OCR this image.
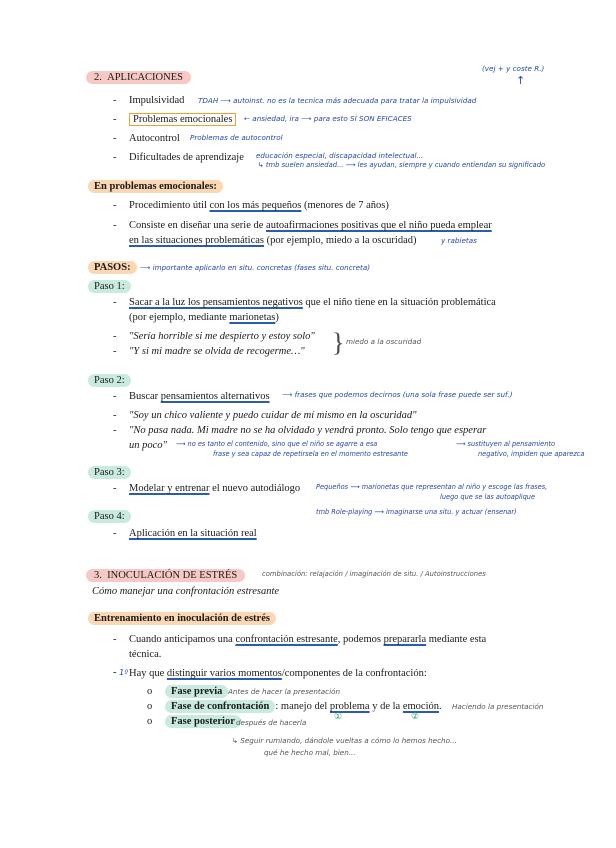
2. APLICACIONES
(vej + y coste R.)
↑
- Impulsividad TDAH ⟶ autoinst. no es la tecnica más adecuada para tratar la impulsividad
- Problemas emocionales	← ansiedad, ira ⟶ para esto SÍ SON EFICACES
- Autocontrol Problemas de autocontrol
- Dificultades de aprendizaje educación especial, discapacidad intelectual...
↳ tmb suelen ansiedad... ⟶ les ayudan, siempre y cuando entiendan su significado
En problemas emocionales:
- Procedimiento útil con los más pequeños (menores de 7 años)
- Consiste en diseñar una serie de autoafirmaciones positivas que el niño pueda emplear
en las situaciones problemáticas (por ejemplo, miedo a la oscuridad)	y rabietas
PASOS:	⟶ importante aplicarlo en situ. concretas (fases situ. concreta)
Paso 1:
- Sacar a la luz los pensamientos negativos que el niño tiene en la situación problemática
(por ejemplo, mediante marionetas)
- "Sería horrible si me despierto y estoy solo"
- "Y si mi madre se olvida de recogerme…" } miedo a la oscuridad
Paso 2:
- Buscar pensamientos alternativos ⟶ frases que podemos decirnos (una sola frase puede ser suf.)
- "Soy un chico valiente y puedo cuidar de mí mismo en la oscuridad"
- "No pasa nada. Mi madre no se ha olvidado y vendrá pronto. Solo tengo que esperar
un poco" ⟶ no es tanto el contenido, sino que el niño se agarre a esa
frase y sea capaz de repetirsela en el momento estresante
⟶ sustituyen al pensamiento
negativo, impiden que aparezca
Paso 3:
- Modelar y entrenar el nuevo autodiálogo Pequeños ⟶ marionetas que representan al niño y escoge las frases,
luego que se las autoaplique
tmb Role-playing ⟶ imaginarse una situ. y actuar (ensenar)
Paso 4:
- Aplicación en la situación real
3. INOCULACIÓN DE ESTRÉS	combinación: relajación / imaginación de situ. / Autoinstrucciones
Cómo manejar una confrontación estresante
Entrenamiento en inoculación de estrés
- Cuando anticipamos una confrontación estresante, podemos prepararla mediante esta
técnica.
- 1º Hay que distinguir varios momentos/componentes de la confrontación:
o	Fase previa Antes de hacer la presentación
o	Fase de confrontación : manejo del problema y de la emoción. Haciendo la presentación
①	②
o	Fase posterior después de hacerla
↳ Seguir rumiando, dándole vueltas a cómo lo hemos hecho...
qué he hecho mal, bien...
